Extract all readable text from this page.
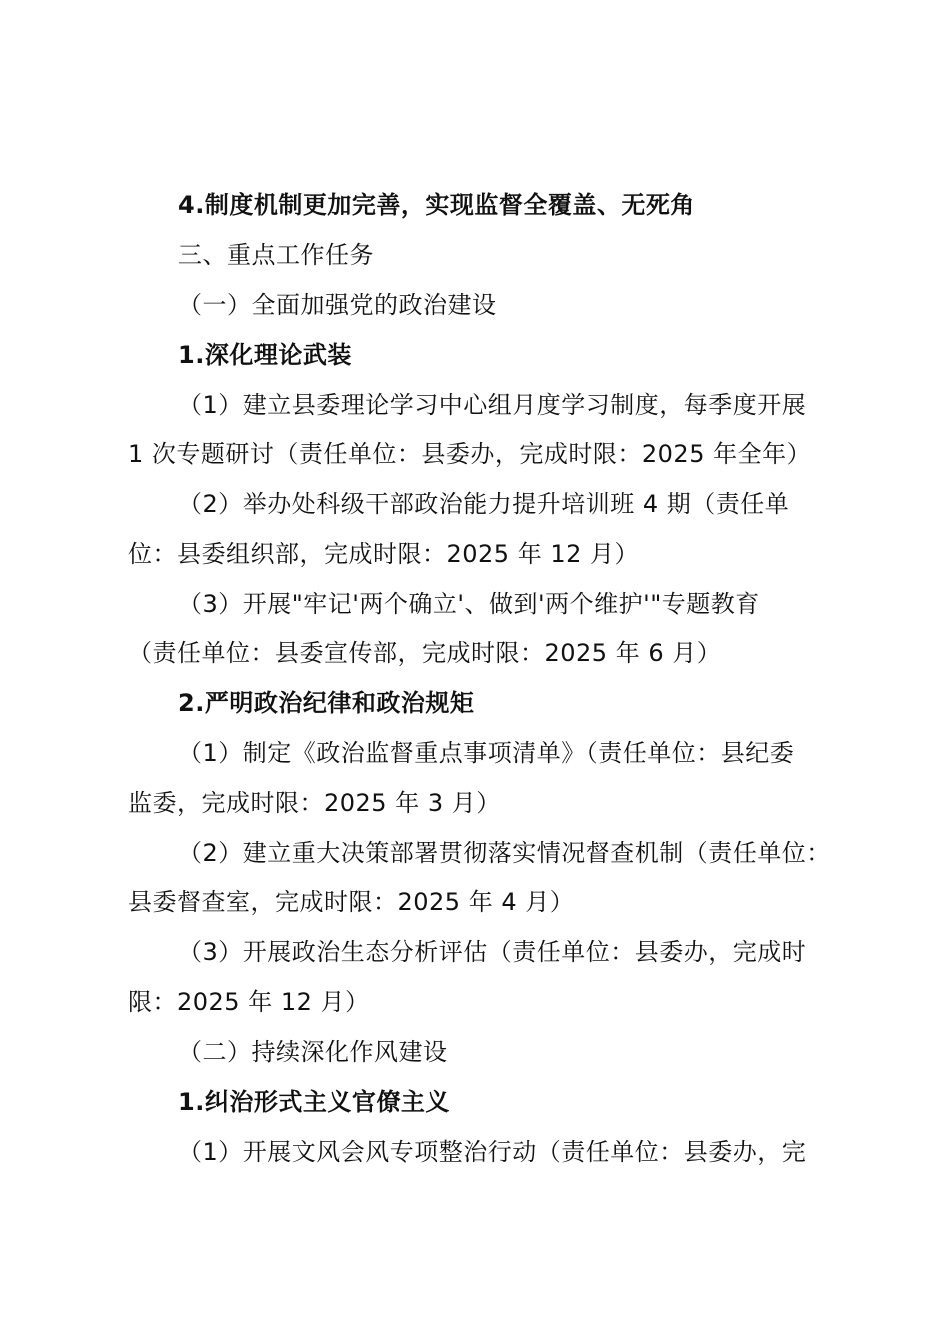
4.制度机制更加完善，实现监督全覆盖、无死角
三、重点工作任务
（一）全面加强党的政治建设
1.深化理论武装
（1）建立县委理论学习中心组月度学习制度，每季度开展
1 次专题研讨（责任单位：县委办，完成时限：2025 年全年）
（2）举办处科级干部政治能力提升培训班 4 期（责任单
位：县委组织部，完成时限：2025 年 12 月）
（3）开展"牢记'两个确立'、做到'两个维护'"专题教育
（责任单位：县委宣传部，完成时限：2025 年 6 月）
2.严明政治纪律和政治规矩
（1）制定《政治监督重点事项清单》（责任单位：县纪委
监委，完成时限：2025 年 3 月）
（2）建立重大决策部署贯彻落实情况督查机制（责任单位：
县委督查室，完成时限：2025 年 4 月）
（3）开展政治生态分析评估（责任单位：县委办，完成时
限：2025 年 12 月）
（二）持续深化作风建设
1.纠治形式主义官僚主义
（1）开展文风会风专项整治行动（责任单位：县委办，完
